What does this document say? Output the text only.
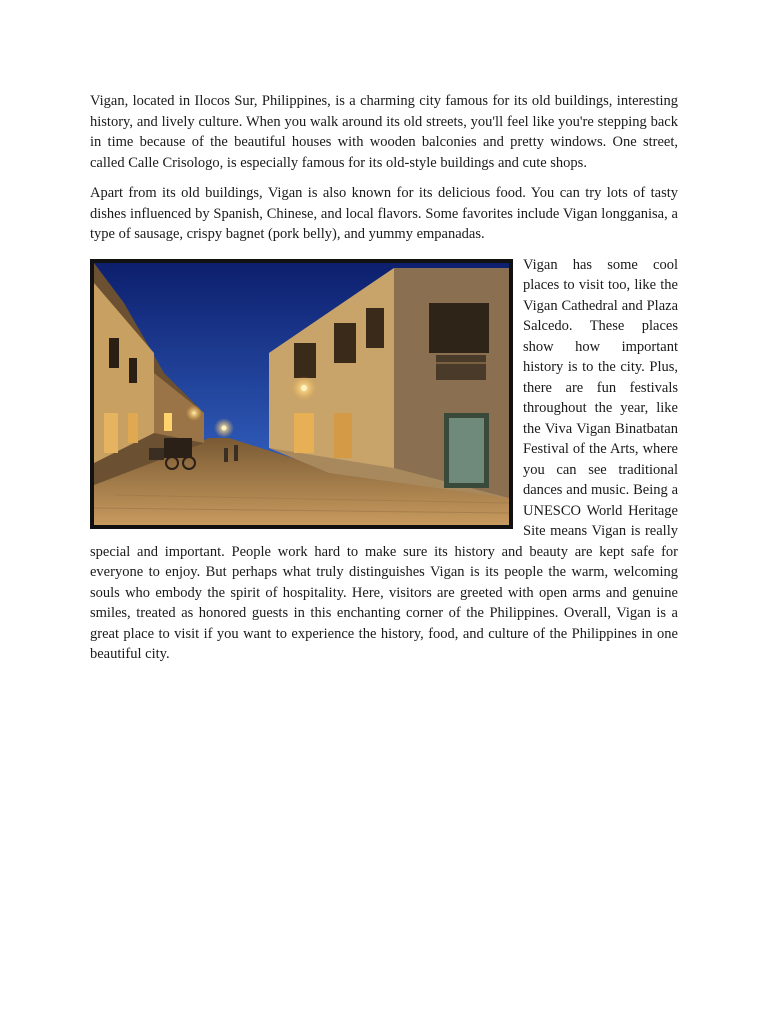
Vigan, located in Ilocos Sur, Philippines, is a charming city famous for its old buildings, interesting history, and lively culture. When you walk around its old streets, you'll feel like you're stepping back in time because of the beautiful houses with wooden balconies and pretty windows. One street, called Calle Crisologo, is especially famous for its old-style buildings and cute shops.

Apart from its old buildings, Vigan is also known for its delicious food. You can try lots of tasty dishes influenced by Spanish, Chinese, and local flavors. Some favorites include Vigan longganisa, a type of sausage, crispy bagnet (pork belly), and yummy empanadas.

Vigan has some cool places to visit too, like the Vigan Cathedral and Plaza Salcedo. These places show how important history is to the city. Plus, there are fun festivals throughout the year, like the Viva Vigan Binatbatan Festival of the Arts, where you can see traditional dances and music. Being a UNESCO World Heritage Site means Vigan is really special and important. People work hard to make sure its history and beauty are kept safe for everyone to enjoy. But perhaps what truly distinguishes Vigan is its people the warm, welcoming souls who embody the spirit of hospitality. Here, visitors are greeted with open arms and genuine smiles, treated as honored guests in this enchanting corner of the Philippines. Overall, Vigan is a great place to visit if you want to experience the history, food, and culture of the Philippines in one beautiful city.
